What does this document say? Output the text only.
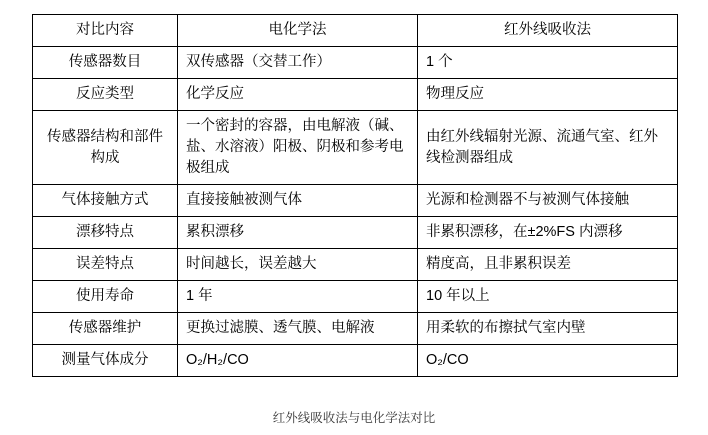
对比内容	电化学法	红外线吸收法
传感器数目	双传感器（交替工作）	1 个
反应类型	化学反应	物理反应
传感器结构和部件构成	一个密封的容器，由电解液（碱、盐、水溶液）阳极、阴极和参考电极组成	由红外线辐射光源、流通气室、红外线检测器组成
气体接触方式	直接接触被测气体	光源和检测器不与被测气体接触
漂移特点	累积漂移	非累积漂移，在±2%FS 内漂移
误差特点	时间越长，误差越大	精度高，且非累积误差
使用寿命	1 年	10 年以上
传感器维护	更换过滤膜、透气膜、电解液	用柔软的布擦拭气室内壁
测量气体成分	O₂/H₂/CO	O₂/CO
红外线吸收法与电化学法对比
